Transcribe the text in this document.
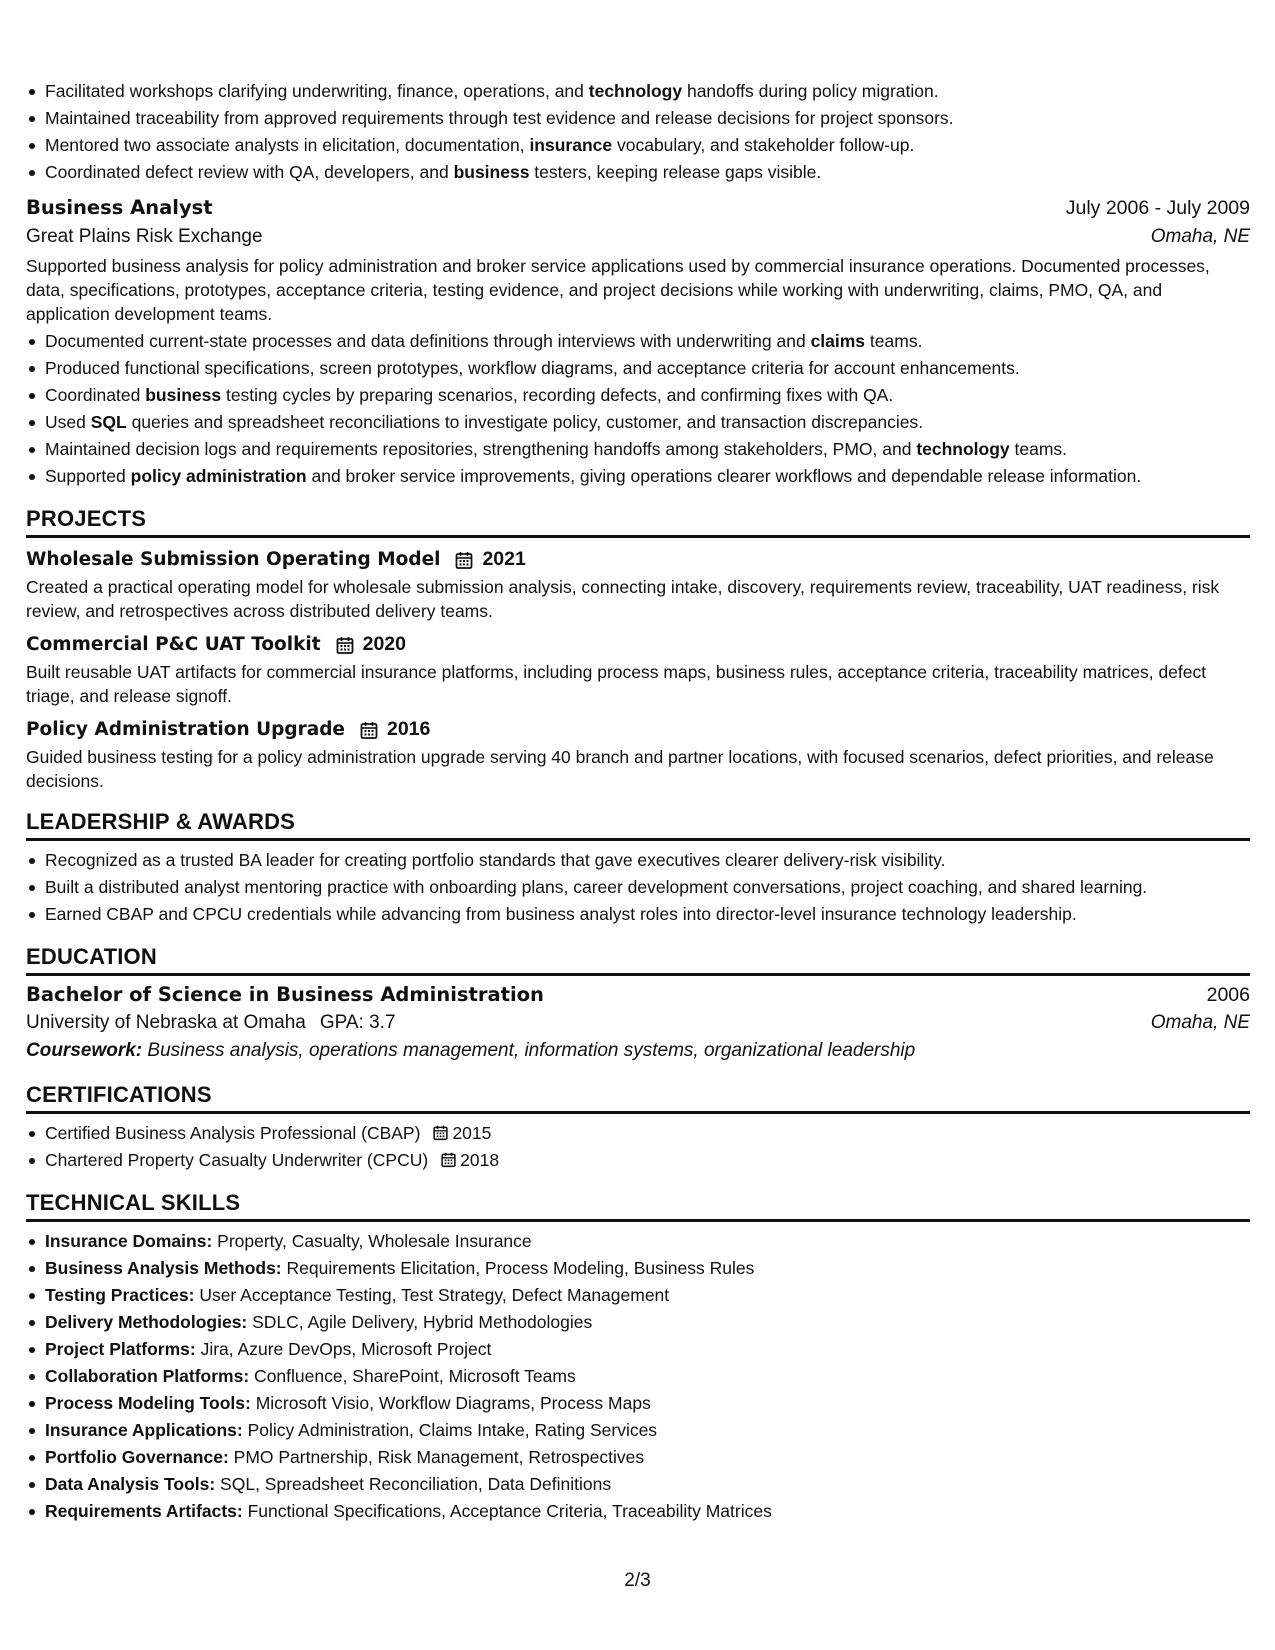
Facilitated workshops clarifying underwriting, finance, operations, and technology handoffs during policy migration.
Maintained traceability from approved requirements through test evidence and release decisions for project sponsors.
Mentored two associate analysts in elicitation, documentation, insurance vocabulary, and stakeholder follow-up.
Coordinated defect review with QA, developers, and business testers, keeping release gaps visible.
Business Analyst	July 2006 - July 2009
Great Plains Risk Exchange	Omaha, NE
Supported business analysis for policy administration and broker service applications used by commercial insurance operations. Documented processes, data, specifications, prototypes, acceptance criteria, testing evidence, and project decisions while working with underwriting, claims, PMO, QA, and application development teams.
Documented current-state processes and data definitions through interviews with underwriting and claims teams.
Produced functional specifications, screen prototypes, workflow diagrams, and acceptance criteria for account enhancements.
Coordinated business testing cycles by preparing scenarios, recording defects, and confirming fixes with QA.
Used SQL queries and spreadsheet reconciliations to investigate policy, customer, and transaction discrepancies.
Maintained decision logs and requirements repositories, strengthening handoffs among stakeholders, PMO, and technology teams.
Supported policy administration and broker service improvements, giving operations clearer workflows and dependable release information.
PROJECTS
Wholesale Submission Operating Model 2021
Created a practical operating model for wholesale submission analysis, connecting intake, discovery, requirements review, traceability, UAT readiness, risk review, and retrospectives across distributed delivery teams.
Commercial P&C UAT Toolkit 2020
Built reusable UAT artifacts for commercial insurance platforms, including process maps, business rules, acceptance criteria, traceability matrices, defect triage, and release signoff.
Policy Administration Upgrade 2016
Guided business testing for a policy administration upgrade serving 40 branch and partner locations, with focused scenarios, defect priorities, and release decisions.
LEADERSHIP & AWARDS
Recognized as a trusted BA leader for creating portfolio standards that gave executives clearer delivery-risk visibility.
Built a distributed analyst mentoring practice with onboarding plans, career development conversations, project coaching, and shared learning.
Earned CBAP and CPCU credentials while advancing from business analyst roles into director-level insurance technology leadership.
EDUCATION
Bachelor of Science in Business Administration	2006
University of Nebraska at Omaha GPA: 3.7	Omaha, NE
Coursework: Business analysis, operations management, information systems, organizational leadership
CERTIFICATIONS
Certified Business Analysis Professional (CBAP) 2015
Chartered Property Casualty Underwriter (CPCU) 2018
TECHNICAL SKILLS
Insurance Domains: Property, Casualty, Wholesale Insurance
Business Analysis Methods: Requirements Elicitation, Process Modeling, Business Rules
Testing Practices: User Acceptance Testing, Test Strategy, Defect Management
Delivery Methodologies: SDLC, Agile Delivery, Hybrid Methodologies
Project Platforms: Jira, Azure DevOps, Microsoft Project
Collaboration Platforms: Confluence, SharePoint, Microsoft Teams
Process Modeling Tools: Microsoft Visio, Workflow Diagrams, Process Maps
Insurance Applications: Policy Administration, Claims Intake, Rating Services
Portfolio Governance: PMO Partnership, Risk Management, Retrospectives
Data Analysis Tools: SQL, Spreadsheet Reconciliation, Data Definitions
Requirements Artifacts: Functional Specifications, Acceptance Criteria, Traceability Matrices
2/3
